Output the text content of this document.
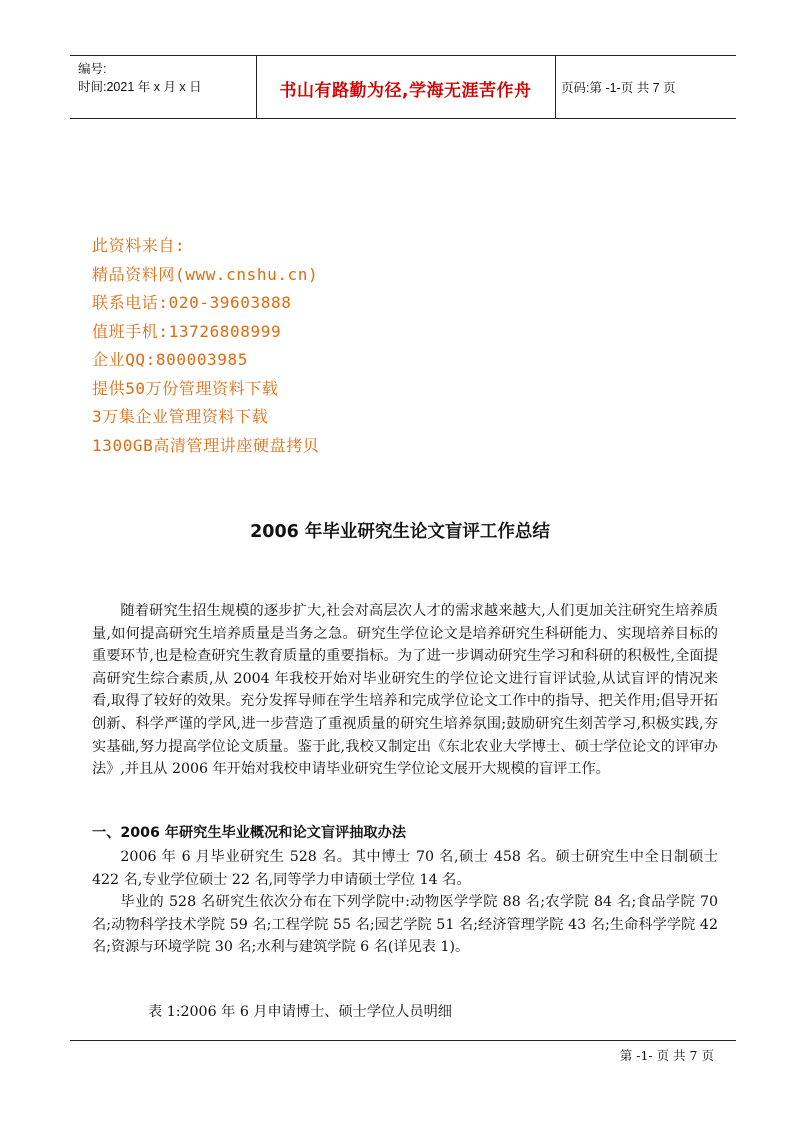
编号:
时间:2021 年 x 月 x 日	书山有路勤为径,学海无涯苦作舟	页码:第 -1-页 共 7 页
此资料来自:
精品资料网(www.cnshu.cn)
联系电话:020-39603888
值班手机:13726808999
企业QQ:800003985
提供50万份管理资料下载
3万集企业管理资料下载
1300GB高清管理讲座硬盘拷贝
2006 年毕业研究生论文盲评工作总结
随着研究生招生规模的逐步扩大,社会对高层次人才的需求越来越大,人们更加关注研究生培养质量,如何提高研究生培养质量是当务之急。研究生学位论文是培养研究生科研能力、实现培养目标的重要环节,也是检查研究生教育质量的重要指标。为了进一步调动研究生学习和科研的积极性,全面提高研究生综合素质,从 2004 年我校开始对毕业研究生的学位论文进行盲评试验,从试盲评的情况来看,取得了较好的效果。充分发挥导师在学生培养和完成学位论文工作中的指导、把关作用;倡导开拓创新、科学严谨的学风,进一步营造了重视质量的研究生培养氛围;鼓励研究生刻苦学习,积极实践,夯实基础,努力提高学位论文质量。鉴于此,我校又制定出《东北农业大学博士、硕士学位论文的评审办法》,并且从 2006 年开始对我校申请毕业研究生学位论文展开大规模的盲评工作。
一、2006 年研究生毕业概况和论文盲评抽取办法
2006 年 6 月毕业研究生 528 名。其中博士 70 名,硕士 458 名。硕士研究生中全日制硕士 422 名,专业学位硕士 22 名,同等学力申请硕士学位 14 名。
毕业的 528 名研究生依次分布在下列学院中:动物医学学院 88 名;农学院 84 名;食品学院 70 名;动物科学技术学院 59 名;工程学院 55 名;园艺学院 51 名;经济管理学院 43 名;生命科学学院 42 名;资源与环境学院 30 名;水利与建筑学院 6 名(详见表 1)。
表 1:2006 年 6 月申请博士、硕士学位人员明细
第 -1- 页 共 7 页
